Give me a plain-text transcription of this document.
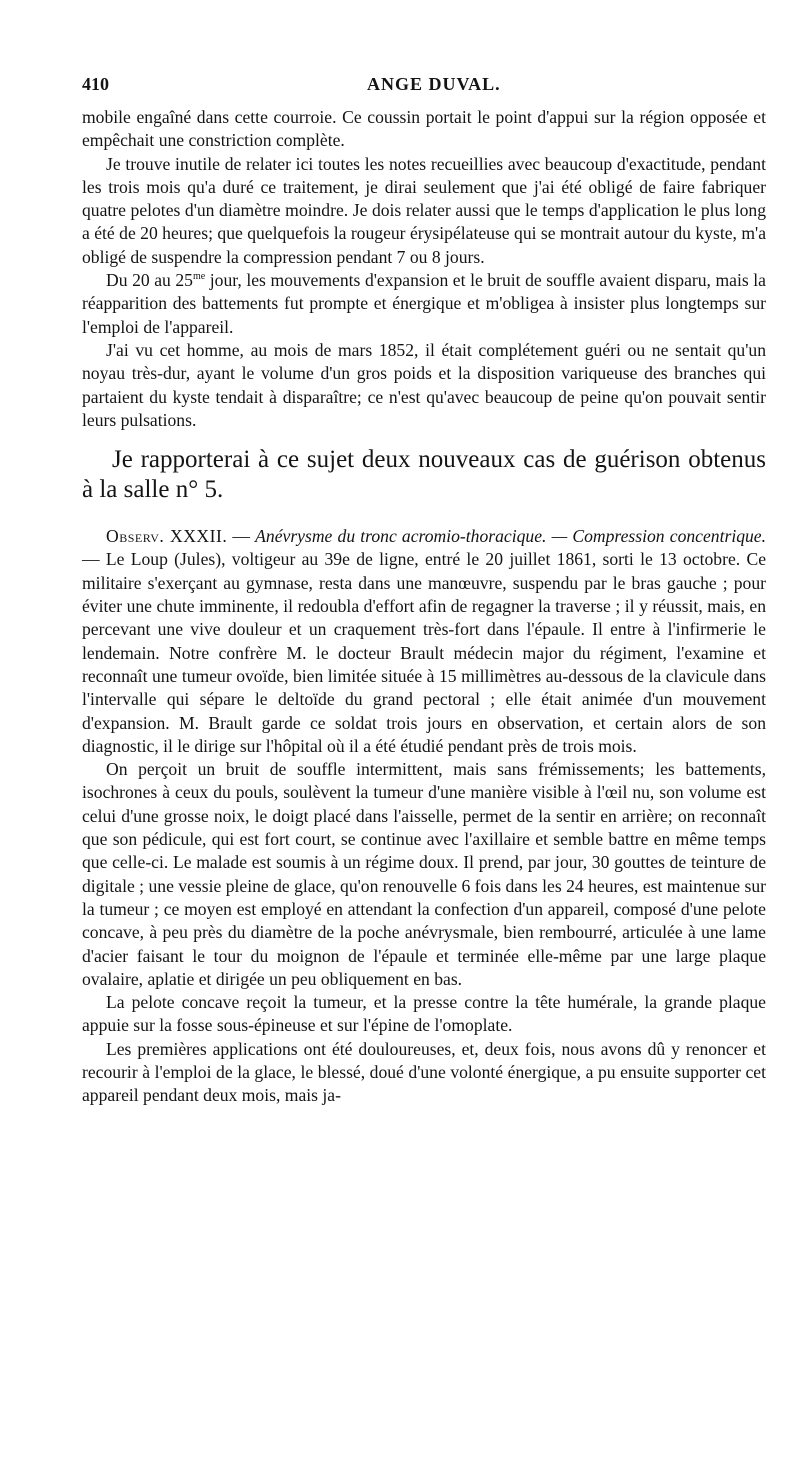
410	ANGE DUVAL.

mobile engaîné dans cette courroie. Ce coussin portait le point d'appui sur la région opposée et empêchait une constriction complète.

Je trouve inutile de relater ici toutes les notes recueillies avec beaucoup d'exactitude, pendant les trois mois qu'a duré ce traitement, je dirai seulement que j'ai été obligé de faire fabriquer quatre pelotes d'un diamètre moindre. Je dois relater aussi que le temps d'application le plus long a été de 20 heures; que quelquefois la rougeur érysipélateuse qui se montrait autour du kyste, m'a obligé de suspendre la compression pendant 7 ou 8 jours.

Du 20 au $25^{me}$ jour, les mouvements d'expansion et le bruit de souffle avaient disparu, mais la réapparition des battements fut prompte et énergique et m'obligea à insister plus longtemps sur l'emploi de l'appareil.

J'ai vu cet homme, au mois de mars 1852, il était complétement guéri ou ne sentait qu'un noyau très-dur, ayant le volume d'un gros poids et la disposition variqueuse des branches qui partaient du kyste tendait à disparaître; ce n'est qu'avec beaucoup de peine qu'on pouvait sentir leurs pulsations.

Je rapporterai à ce sujet deux nouveaux cas de guérison obtenus à la salle n° 5.

Observ. XXXII. — Anévrysme du tronc acromio-thoracique. — Compression concentrique. — Le Loup (Jules), voltigeur au 39e de ligne, entré le 20 juillet 1861, sorti le 13 octobre. Ce militaire s'exerçant au gymnase, resta dans une manœuvre, suspendu par le bras gauche ; pour éviter une chute imminente, il redoubla d'effort afin de regagner la traverse ; il y réussit, mais, en percevant une vive douleur et un craquement très-fort dans l'épaule. Il entre à l'infirmerie le lendemain. Notre confrère M. le docteur Brault médecin major du régiment, l'examine et reconnaît une tumeur ovoïde, bien limitée située à 15 millimètres au-dessous de la clavicule dans l'intervalle qui sépare le deltoïde du grand pectoral ; elle était animée d'un mouvement d'expansion. M. Brault garde ce soldat trois jours en observation, et certain alors de son diagnostic, il le dirige sur l'hôpital où il a été étudié pendant près de trois mois.

On perçoit un bruit de souffle intermittent, mais sans frémissements; les battements, isochrones à ceux du pouls, soulèvent la tumeur d'une manière visible à l'œil nu, son volume est celui d'une grosse noix, le doigt placé dans l'aisselle, permet de la sentir en arrière; on reconnaît que son pédicule, qui est fort court, se continue avec l'axillaire et semble battre en même temps que celle-ci. Le malade est soumis à un régime doux. Il prend, par jour, 30 gouttes de teinture de digitale ; une vessie pleine de glace, qu'on renouvelle 6 fois dans les 24 heures, est maintenue sur la tumeur ; ce moyen est employé en attendant la confection d'un appareil, composé d'une pelote concave, à peu près du diamètre de la poche anévrysmale, bien rembourré, articulée à une lame d'acier faisant le tour du moignon de l'épaule et terminée elle-même par une large plaque ovalaire, aplatie et dirigée un peu obliquement en bas.

La pelote concave reçoit la tumeur, et la presse contre la tête humérale, la grande plaque appuie sur la fosse sous-épineuse et sur l'épine de l'omoplate.

Les premières applications ont été douloureuses, et, deux fois, nous avons dû y renoncer et recourir à l'emploi de la glace, le blessé, doué d'une volonté énergique, a pu ensuite supporter cet appareil pendant deux mois, mais ja-
